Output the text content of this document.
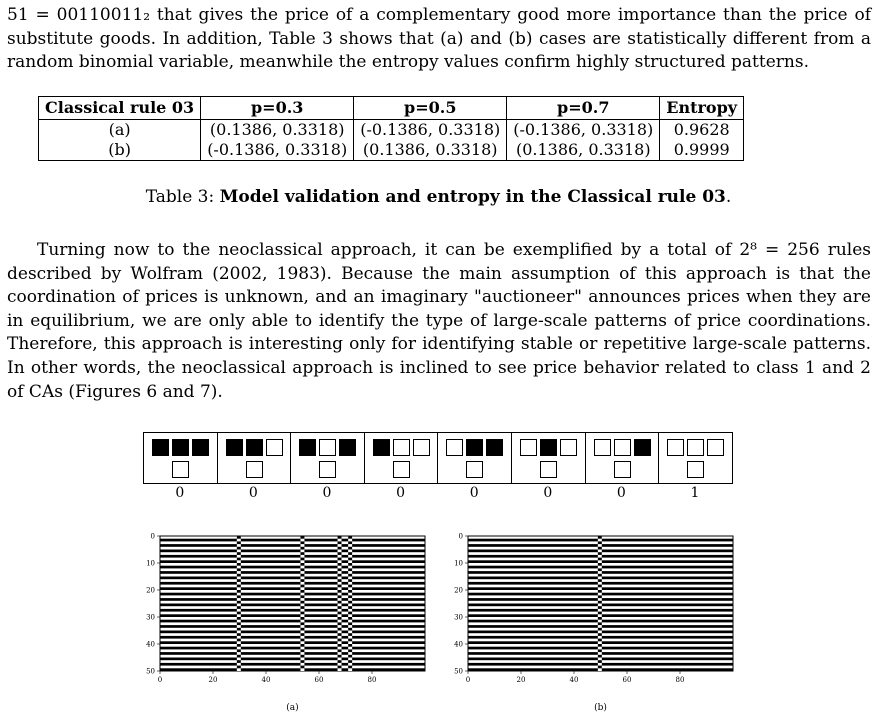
51 = 00110011₂ that gives the price of a complementary good more importance than the price of substitute goods. In addition, Table 3 shows that (a) and (b) cases are statistically different from a random binomial variable, meanwhile the entropy values confirm highly structured patterns.

Classical rule 03	p=0.3	p=0.5	p=0.7	Entropy
(a)	(0.1386, 0.3318)	(-0.1386, 0.3318)	(-0.1386, 0.3318)	0.9628
(b)	(-0.1386, 0.3318)	(0.1386, 0.3318)	(0.1386, 0.3318)	0.9999
Table 3: Model validation and entropy in the Classical rule 03.

Turning now to the neoclassical approach, it can be exemplified by a total of 2⁸ = 256 rules described by Wolfram (2002, 1983). Because the main assumption of this approach is that the coordination of prices is unknown, and an imaginary "auctioneer" announces prices when they are in equilibrium, we are only able to identify the type of large-scale patterns of price coordinations. Therefore, this approach is interesting only for identifying stable or repetitive large-scale patterns. In other words, the neoclassical approach is inclined to see price behavior related to class 1 and 2 of CAs (Figures 6 and 7).

0	0	0	0	0	0	0	1
0
10
20
30
40
50
0	20	40	60	80
(a)
0
10
20
30
40
50
0	20	40	60	80
(b)
